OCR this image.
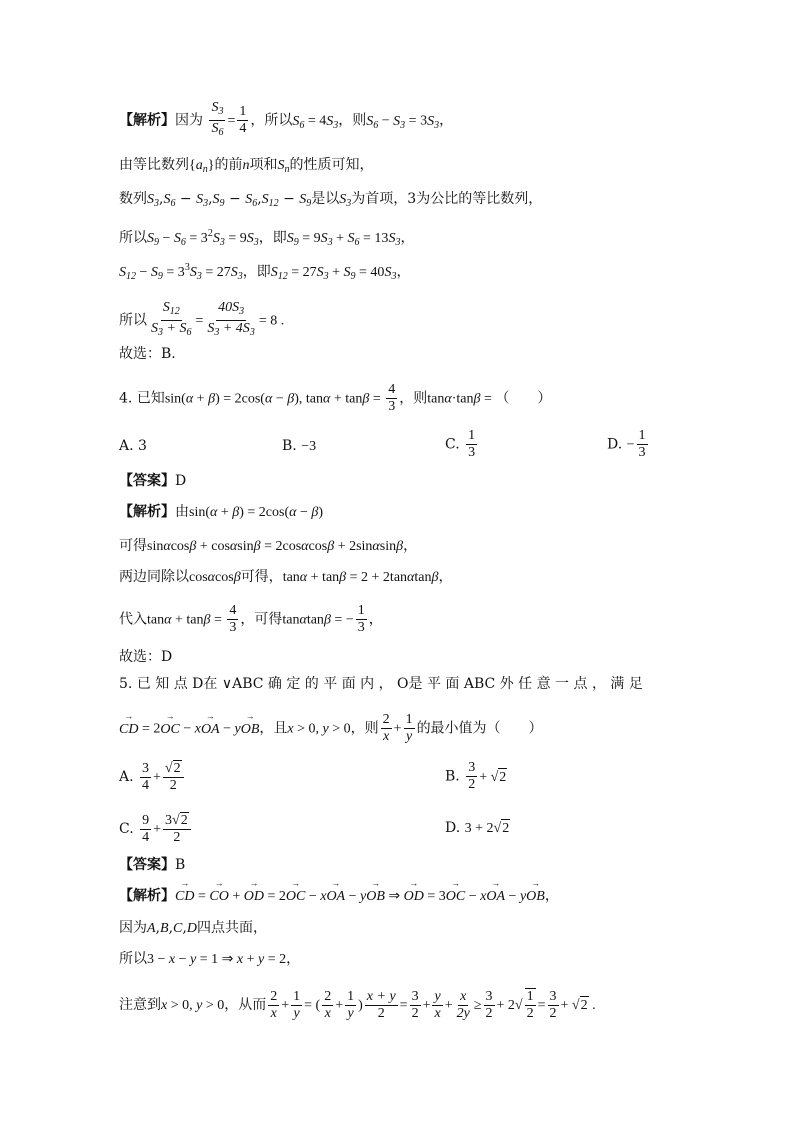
【解析】因为 $\frac{S_3}{S_6} = \frac{1}{4}$ ，所以$S_6 = 4S_3$，则$S_6 - S_3 = 3S_3$，
由等比数列$\{a_n\}$的前n项和$S_n$的性质可知，
数列$S_3,S_6 - S_3,S_9 - S_6,S_{12} - S_9$是以$S_3$为首项，3为公比的等比数列，
所以$S_9 - S_6 = 3^2S_3 = 9S_3$，即$S_9 = 9S_3 + S_6 = 13S_3$，
$S_{12} - S_9 = 3^3S_3 = 27S_3$，即$S_{12} = 27S_3 + S_9 = 40S_3$，
所以 $\frac{S_{12}}{S_3 + S_6} = \frac{40S_3}{S_3 + 4S_3} = 8$ .
故选：B.
4. 已知sin(α + β) = 2cos(α − β), $\tan\alpha + \tan\beta = \frac{4}{3}$ ，则tanα·tanβ = （　　）
A. 3	B. −3	C. $\frac{1}{3}$	D. − $\frac{1}{3}$
【答案】D
【解析】由sin(α + β) = 2cos(α − β)
可得sinαcosβ + cosαsinβ = 2cosαcosβ + 2sinαsinβ，
两边同除以cosαcosβ可得，tanα + tanβ = 2 + 2tanαtanβ，
代入$\tan\alpha + \tan\beta = \frac{4}{3}$ ，可得tanαtanβ = − $\frac{1}{3}$ ，
故选：D
5. 已 知 点 D在 ∨ABC 确 定 的 平 面 内 ， O是 平 面 ABC 外 任 意 一 点 ， 满 足
→ CD = 2→ OC − x→ OA − y→ OB，且x > 0, y > 0，则 $\frac{2}{x} + \frac{1}{y}$ 的最小值为（　　）
A. $\frac{3}{4} + \frac{√2}{2}$	B. $\frac{3}{2} + √2$
C. $\frac{9}{4} + \frac{3√2}{2}$	D. 3 + 2√2
【答案】B
【解析】→ CD = → CO + → OD = 2→ OC − x→ OA − y→ OB ⇒ → OD = 3→ OC − x→ OA − y→ OB，
因为A,B,C,D四点共面，
所以3 − x − y = 1 ⇒ x + y = 2，
注意到x > 0, y > 0，从而 $\frac{2}{x} + \frac{1}{y}$ = ( $\frac{2}{x} + \frac{1}{y}$ ) $\frac{x + y}{2} = \frac{3}{2} + \frac{y}{x} + \frac{x}{2y} \ge \frac{3}{2} + 2√ \frac{1}{2} = \frac{3}{2} + √2$ .
